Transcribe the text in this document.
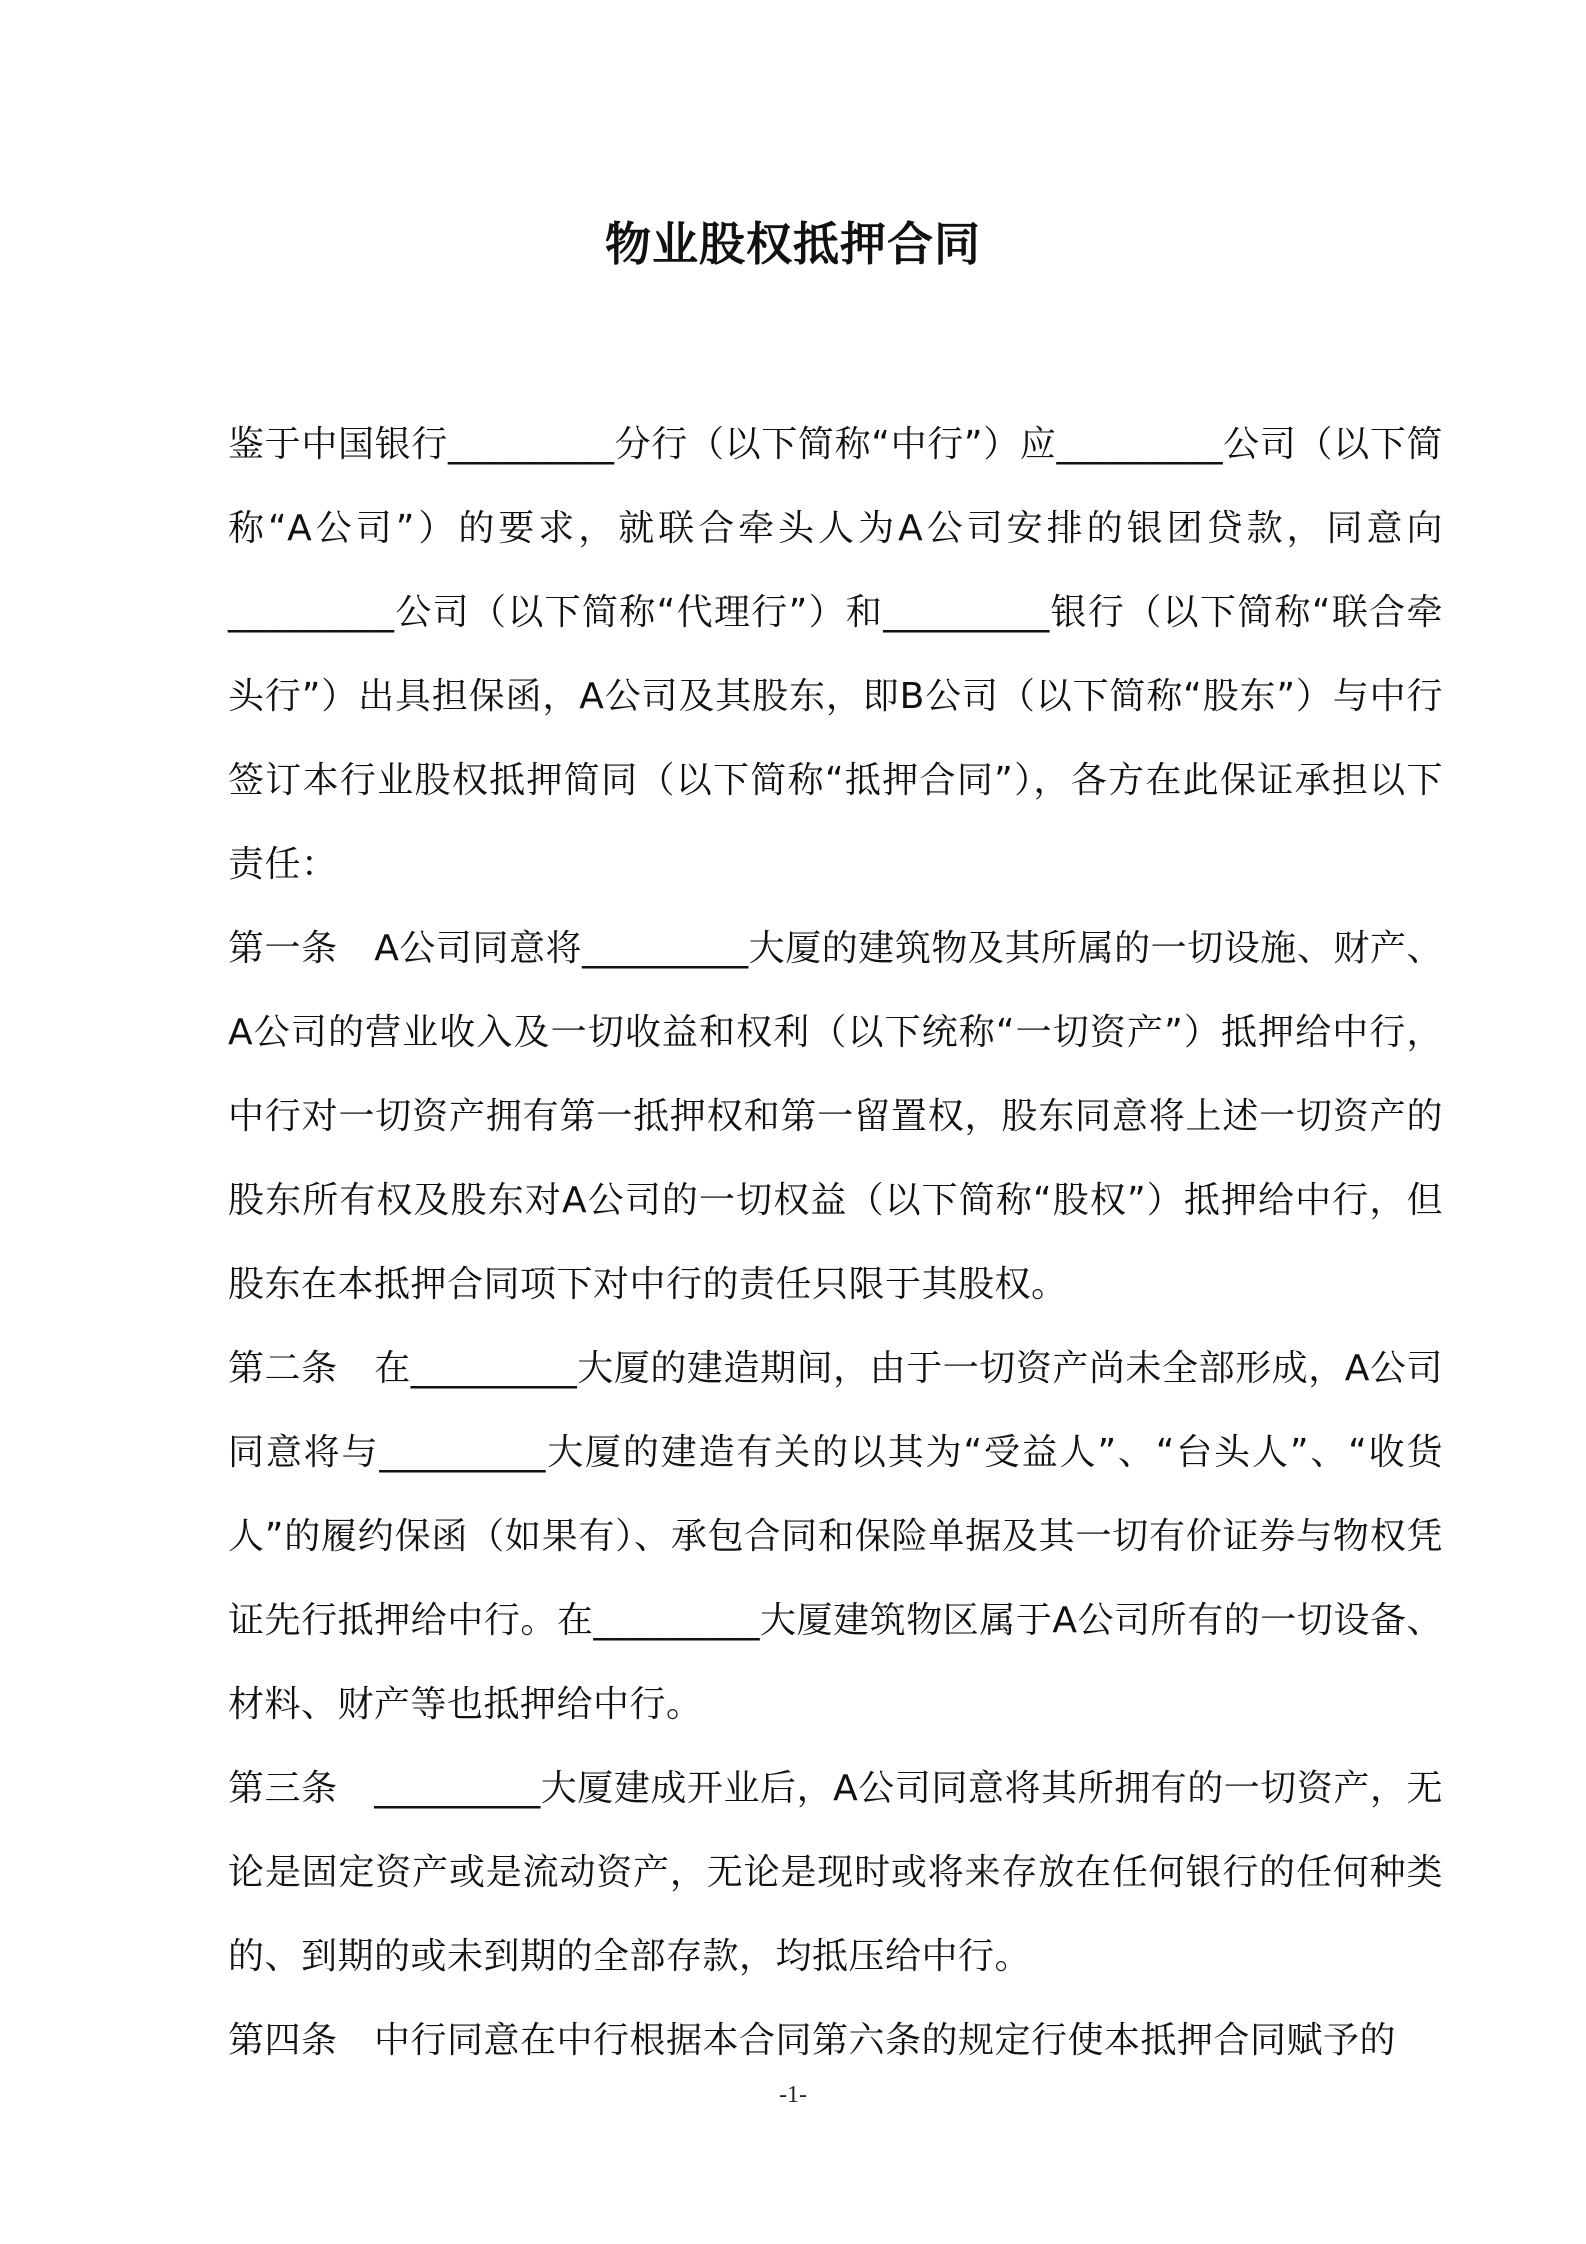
物业股权抵押合同

鉴于中国银行_________分行（以下简称“中行”）应_________公司（以下简称“A公司”）的要求，就联合牵头人为A公司安排的银团贷款，同意向_________公司（以下简称“代理行”）和_________银行（以下简称“联合牵头行”）出具担保函，A公司及其股东，即B公司（以下简称“股东”）与中行签订本行业股权抵押简同（以下简称“抵押合同”），各方在此保证承担以下责任：

第一条　A公司同意将_________大厦的建筑物及其所属的一切设施、财产、A公司的营业收入及一切收益和权利（以下统称“一切资产”）抵押给中行，中行对一切资产拥有第一抵押权和第一留置权，股东同意将上述一切资产的股东所有权及股东对A公司的一切权益（以下简称“股权”）抵押给中行，但股东在本抵押合同项下对中行的责任只限于其股权。

第二条　在_________大厦的建造期间，由于一切资产尚未全部形成，A公司同意将与_________大厦的建造有关的以其为“受益人”、“台头人”、“收货人”的履约保函（如果有）、承包合同和保险单据及其一切有价证券与物权凭证先行抵押给中行。在_________大厦建筑物区属于A公司所有的一切设备、材料、财产等也抵押给中行。

第三条　_________大厦建成开业后，A公司同意将其所拥有的一切资产，无论是固定资产或是流动资产，无论是现时或将来存放在任何银行的任何种类的、到期的或未到期的全部存款，均抵压给中行。

第四条　中行同意在中行根据本合同第六条的规定行使本抵押合同赋予的

-1-
